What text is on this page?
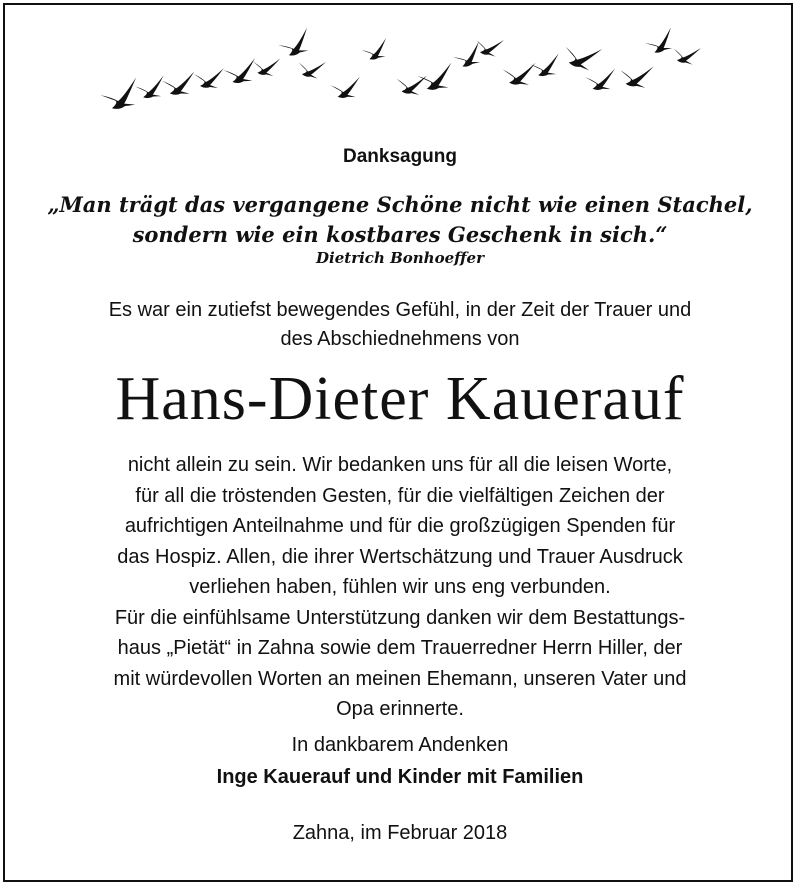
Danksagung
„Man trägt das vergangene Schöne nicht wie einen Stachel,
sondern wie ein kostbares Geschenk in sich.“
Dietrich Bonhoeffer
Es war ein zutiefst bewegendes Gefühl, in der Zeit der Trauer und
des Abschiednehmens von
Hans-Dieter Kauerauf
nicht allein zu sein. Wir bedanken uns für all die leisen Worte,
für all die tröstenden Gesten, für die vielfältigen Zeichen der
aufrichtigen Anteilnahme und für die großzügigen Spenden für
das Hospiz. Allen, die ihrer Wertschätzung und Trauer Ausdruck
verliehen haben, fühlen wir uns eng verbunden.
Für die einfühlsame Unterstützung danken wir dem Bestattungs-
haus „Pietät“ in Zahna sowie dem Trauerredner Herrn Hiller, der
mit würdevollen Worten an meinen Ehemann, unseren Vater und
Opa erinnerte.
In dankbarem Andenken
Inge Kauerauf und Kinder mit Familien
Zahna, im Februar 2018
